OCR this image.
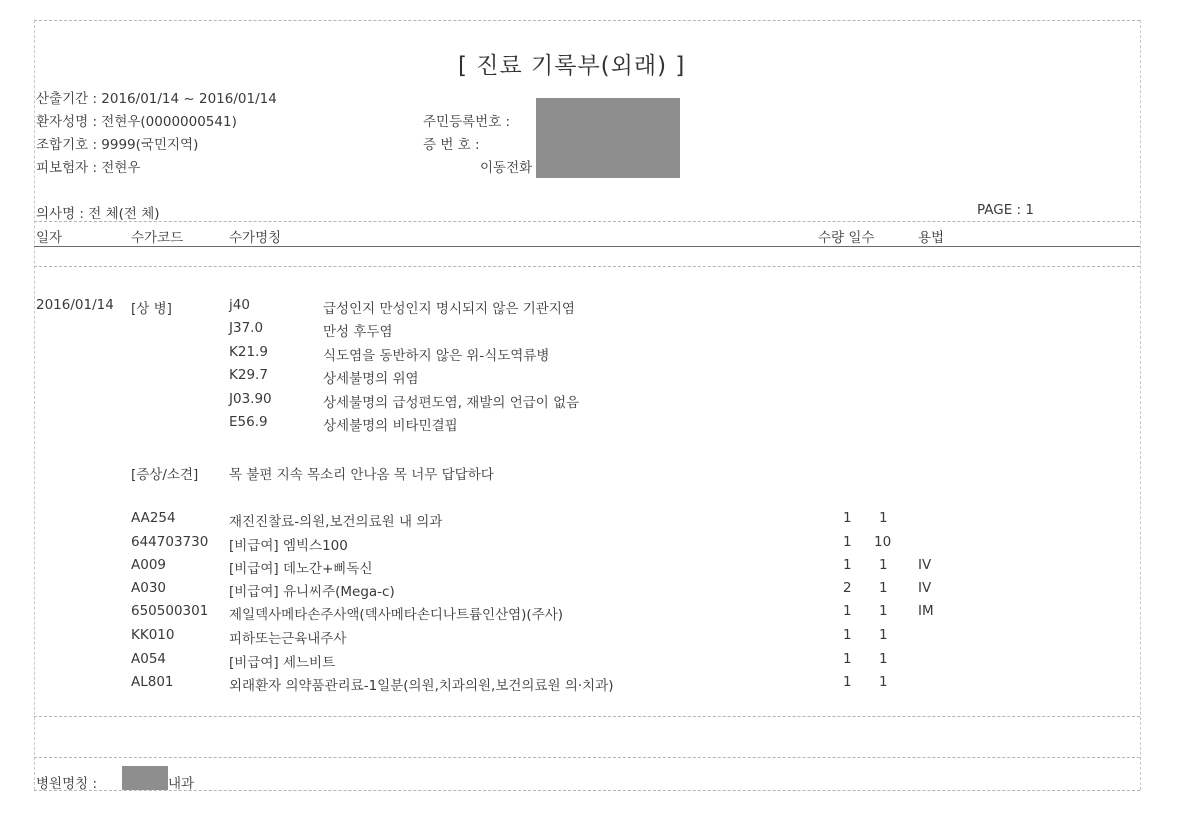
[ 진료 기록부(외래) ]
산출기간 : 2016/01/14 ~ 2016/01/14
환자성명 : 전현우(0000000541)
조합기호 : 9999(국민지역)
피보험자 : 전현우
주민등록번호 :
증 번 호 :
이동전화
의사명 : 전 체(전 체)	PAGE : 1
일자	수가코드	수가명칭	수량 일수	용법
2016/01/14 [상 병]	j40	급성인지 만성인지 명시되지 않은 기관지염
J37.0	만성 후두염
K21.9	식도염을 동반하지 않은 위-식도역류병
K29.7	상세불명의 위염
J03.90	상세불명의 급성편도염, 재발의 언급이 없음
E56.9	상세불명의 비타민결핍
[증상/소견] 목 불편 지속 목소리 안나옴 목 너무 답답하다
AA254	재진진찰료-의원,보건의료원 내 의과	1 1
644703730 [비급여] 엠빅스100	1 10
A009	[비급여] 데노간+삐독신	1 1 IV
A030	[비급여] 유니씨주(Mega-c)	2 1 IV
650500301 제일덱사메타손주사액(덱사메타손디나트륨인산염)(주사)	1 1 IM
KK010	피하또는근육내주사	1 1
A054	[비급여] 세느비트	1 1
AL801	외래환자 의약품관리료-1일분(의원,치과의원,보건의료원 의·치과)	1 1
병원명칭 :	내과
